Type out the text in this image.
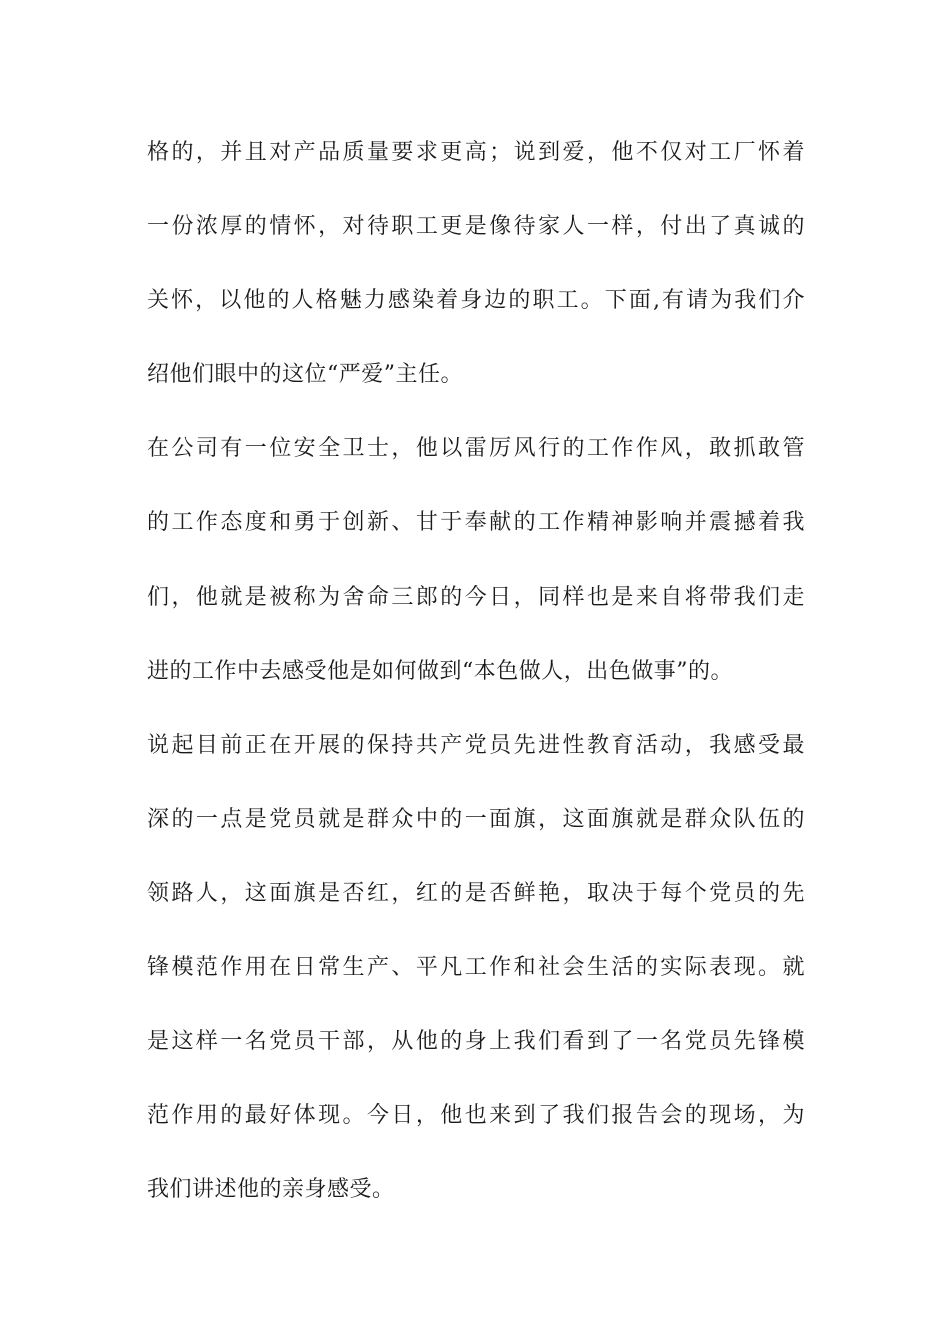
格的，并且对产品质量要求更高；说到爱，他不仅对工厂怀着
一份浓厚的情怀，对待职工更是像待家人一样，付出了真诚的
关怀，以他的人格魅力感染着身边的职工。下面,有请为我们介
绍他们眼中的这位“严爱”主任。
在公司有一位安全卫士，他以雷厉风行的工作作风，敢抓敢管
的工作态度和勇于创新、甘于奉献的工作精神影响并震撼着我
们，他就是被称为舍命三郎的今日，同样也是来自将带我们走
进的工作中去感受他是如何做到“本色做人，出色做事”的。
说起目前正在开展的保持共产党员先进性教育活动，我感受最
深的一点是党员就是群众中的一面旗，这面旗就是群众队伍的
领路人，这面旗是否红，红的是否鲜艳，取决于每个党员的先
锋模范作用在日常生产、平凡工作和社会生活的实际表现。就
是这样一名党员干部，从他的身上我们看到了一名党员先锋模
范作用的最好体现。今日，他也来到了我们报告会的现场，为
我们讲述他的亲身感受。
